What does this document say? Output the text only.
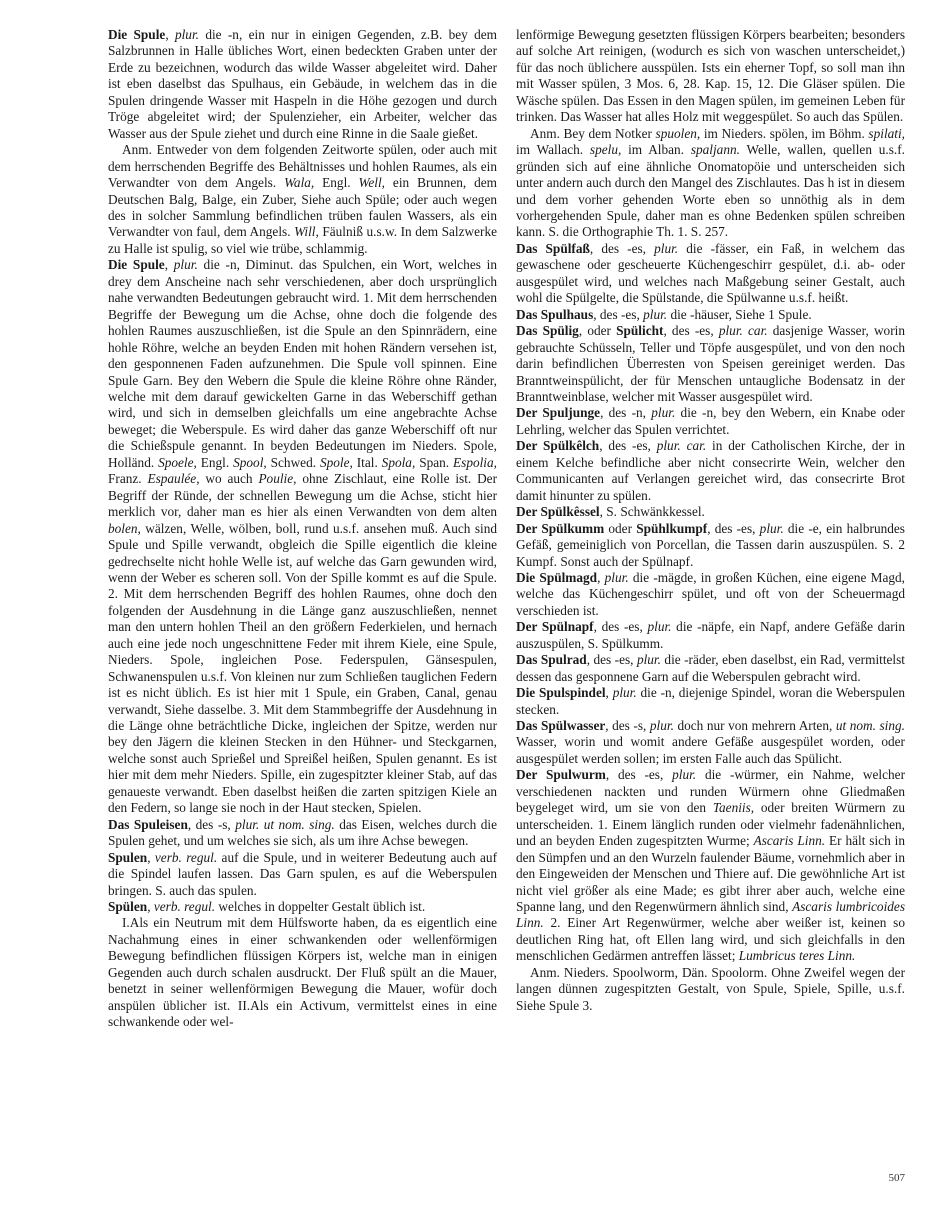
Die Spule, plur. die -n, ein nur in einigen Gegenden, z.B. bey dem Salzbrunnen in Halle übliches Wort, einen bedeckten Graben unter der Erde zu bezeichnen, wodurch das wilde Wasser abgeleitet wird. Daher ist eben daselbst das Spulhaus, ein Gebäude, in welchem das in die Spulen dringende Wasser mit Haspeln in die Höhe gezogen und durch Tröge abgeleitet wird; der Spulenzieher, ein Arbeiter, welcher das Wasser aus der Spule ziehet und durch eine Rinne in die Saale gießet.

Anm. Entweder von dem folgenden Zeitworte spülen, oder auch mit dem herrschenden Begriffe des Behältnisses und hohlen Raumes, als ein Verwandter von dem Angels. Wala, Engl. Well, ein Brunnen, dem Deutschen Balg, Balge, ein Zuber, Siehe auch Spüle; oder auch wegen des in solcher Sammlung befindlichen trüben faulen Wassers, als ein Verwandter von faul, dem Angels. Will, Fäulniß u.s.w. In dem Salzwerke zu Halle ist spulig, so viel wie trübe, schlammig.

Die Spule, plur. die -n, Diminut. das Spulchen, ein Wort, welches in drey dem Anscheine nach sehr verschiedenen, aber doch ursprünglich nahe verwandten Bedeutungen gebraucht wird. 1. Mit dem herrschenden Begriffe der Bewegung um die Achse, ohne doch die folgende des hohlen Raumes auszuschließen, ist die Spule an den Spinnrädern, eine hohle Röhre, welche an beyden Enden mit hohen Rändern versehen ist, den gesponnenen Faden aufzunehmen. Die Spule voll spinnen. Eine Spule Garn. Bey den Webern die Spule die kleine Röhre ohne Ränder, welche mit dem darauf gewickelten Garne in das Weberschiff gethan wird, und sich in demselben gleichfalls um eine angebrachte Achse beweget; die Weberspule. Es wird daher das ganze Weberschiff oft nur die Schießspule genannt. In beyden Bedeutungen im Nieders. Spole, Holländ. Spoele, Engl. Spool, Schwed. Spole, Ital. Spola, Span. Espolia, Franz. Espaulée, wo auch Poulie, ohne Zischlaut, eine Rolle ist. Der Begriff der Ründe, der schnellen Bewegung um die Achse, sticht hier merklich vor, daher man es hier als einen Verwandten von dem alten bolen, wälzen, Welle, wölben, boll, rund u.s.f. ansehen muß. Auch sind Spule und Spille verwandt, obgleich die Spille eigentlich die kleine gedrechselte nicht hohle Welle ist, auf welche das Garn gewunden wird, wenn der Weber es scheren soll. Von der Spille kommt es auf die Spule. 2. Mit dem herrschenden Begriff des hohlen Raumes, ohne doch den folgenden der Ausdehnung in die Länge ganz auszuschließen, nennet man den untern hohlen Theil an den größern Federkielen, und hernach auch eine jede noch ungeschnittene Feder mit ihrem Kiele, eine Spule, Nieders. Spole, ingleichen Pose. Federspulen, Gänsespulen, Schwanenspulen u.s.f. Von kleinen nur zum Schließen tauglichen Federn ist es nicht üblich. Es ist hier mit 1 Spule, ein Graben, Canal, genau verwandt, Siehe dasselbe. 3. Mit dem Stammbegriffe der Ausdehnung in die Länge ohne beträchtliche Dicke, ingleichen der Spitze, werden nur bey den Jägern die kleinen Stecken in den Hühner- und Steckgarnen, welche sonst auch Sprießel und Spreißel heißen, Spulen genannt. Es ist hier mit dem mehr Nieders. Spille, ein zugespitzter kleiner Stab, auf das genaueste verwandt. Eben daselbst heißen die zarten spitzigen Kiele an den Federn, so lange sie noch in der Haut stecken, Spielen.

Das Spuleisen, des -s, plur. ut nom. sing. das Eisen, welches durch die Spulen gehet, und um welches sie sich, als um ihre Achse bewegen.

Spulen, verb. regul. auf die Spule, und in weiterer Bedeutung auch auf die Spindel laufen lassen. Das Garn spulen, es auf die Weberspulen bringen. S. auch das spulen.

Spülen, verb. regul. welches in doppelter Gestalt üblich ist.

I.Als ein Neutrum mit dem Hülfsworte haben, da es eigentlich eine Nachahmung eines in einer schwankenden oder wellenförmigen Bewegung befindlichen flüssigen Körpers ist, welche man in einigen Gegenden auch durch schalen ausdruckt. Der Fluß spült an die Mauer, benetzt in seiner wellenförmigen Bewegung die Mauer, wofür doch anspülen üblicher ist. II.Als ein Activum, vermittelst eines in eine schwankende oder wel-

lenförmige Bewegung gesetzten flüssigen Körpers bearbeiten; besonders auf solche Art reinigen, (wodurch es sich von waschen unterscheidet,) für das noch üblichere ausspülen. Ists ein eherner Topf, so soll man ihn mit Wasser spülen, 3 Mos. 6, 28. Kap. 15, 12. Die Gläser spülen. Die Wäsche spülen. Das Essen in den Magen spülen, im gemeinen Leben für trinken. Das Wasser hat alles Holz mit weggespület. So auch das Spülen.

Anm. Bey dem Notker spuolen, im Nieders. spölen, im Böhm. spilati, im Wallach. spelu, im Alban. spaljann. Welle, wallen, quellen u.s.f. gründen sich auf eine ähnliche Onomatopöie und unterscheiden sich unter andern auch durch den Mangel des Zischlautes. Das h ist in diesem und dem vorher gehenden Worte eben so unnöthig als in dem vorhergehenden Spule, daher man es ohne Bedenken spülen schreiben kann. S. die Orthographie Th. 1. S. 257.

Das Spülfaß, des -es, plur. die -fässer, ein Faß, in welchem das gewaschene oder gescheuerte Küchengeschirr gespület, d.i. ab- oder ausgespület wird, und welches nach Maßgebung seiner Gestalt, auch wohl die Spülgelte, die Spülstande, die Spülwanne u.s.f. heißt.

Das Spulhaus, des -es, plur. die -häuser, Siehe 1 Spule.

Das Spülig, oder Spülicht, des -es, plur. car. dasjenige Wasser, worin gebrauchte Schüsseln, Teller und Töpfe ausgespület, und von den noch darin befindlichen Überresten von Speisen gereiniget werden. Das Branntweinspülicht, der für Menschen untaugliche Bodensatz in der Branntweinblase, welcher mit Wasser ausgespület wird.

Der Spuljunge, des -n, plur. die -n, bey den Webern, ein Knabe oder Lehrling, welcher das Spulen verrichtet.

Der Spülkêlch, des -es, plur. car. in der Catholischen Kirche, der in einem Kelche befindliche aber nicht consecrirte Wein, welcher den Communicanten auf Verlangen gereichet wird, das consecrirte Brot damit hinunter zu spülen.

Der Spülkêssel, S. Schwänkkessel.

Der Spülkumm oder Spühlkumpf, des -es, plur. die -e, ein halbrundes Gefäß, gemeiniglich von Porcellan, die Tassen darin auszuspülen. S. 2 Kumpf. Sonst auch der Spülnapf.

Die Spülmagd, plur. die -mägde, in großen Küchen, eine eigene Magd, welche das Küchengeschirr spület, und oft von der Scheuermagd verschieden ist.

Der Spülnapf, des -es, plur. die -näpfe, ein Napf, andere Gefäße darin auszuspülen, S. Spülkumm.

Das Spulrad, des -es, plur. die -räder, eben daselbst, ein Rad, vermittelst dessen das gesponnene Garn auf die Weberspulen gebracht wird.

Die Spulspindel, plur. die -n, diejenige Spindel, woran die Weberspulen stecken.

Das Spülwasser, des -s, plur. doch nur von mehrern Arten, ut nom. sing. Wasser, worin und womit andere Gefäße ausgespület worden, oder ausgespület werden sollen; im ersten Falle auch das Spülicht.

Der Spulwurm, des -es, plur. die -würmer, ein Nahme, welcher verschiedenen nackten und runden Würmern ohne Gliedmaßen beygeleget wird, um sie von den Taeniis, oder breiten Würmern zu unterscheiden. 1. Einem länglich runden oder vielmehr fadenähnlichen, und an beyden Enden zugespitzten Wurme; Ascaris Linn. Er hält sich in den Sümpfen und an den Wurzeln faulender Bäume, vornehmlich aber in den Eingeweiden der Menschen und Thiere auf. Die gewöhnliche Art ist nicht viel größer als eine Made; es gibt ihrer aber auch, welche eine Spanne lang, und den Regenwürmern ähnlich sind, Ascaris lumbricoides Linn. 2. Einer Art Regenwürmer, welche aber weißer ist, keinen so deutlichen Ring hat, oft Ellen lang wird, und sich gleichfalls in den menschlichen Gedärmen antreffen lässet; Lumbricus teres Linn.

Anm. Nieders. Spoolworm, Dän. Spoolorm. Ohne Zweifel wegen der langen dünnen zugespitzten Gestalt, von Spule, Spiele, Spille, u.s.f. Siehe Spule 3.

507
